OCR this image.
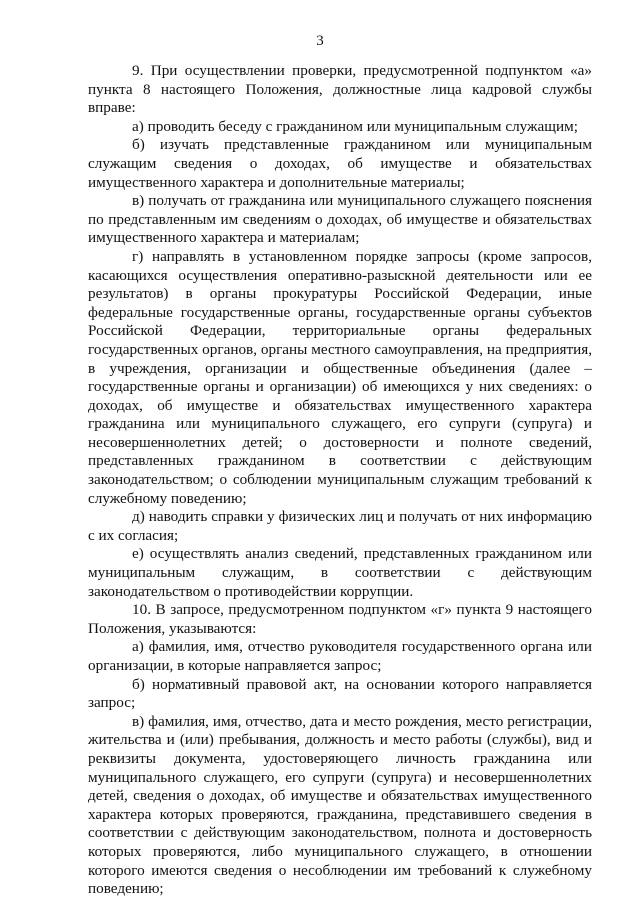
3

9. При осуществлении проверки, предусмотренной подпунктом «а» пункта 8 настоящего Положения, должностные лица кадровой службы вправе:

а) проводить беседу с гражданином или муниципальным служащим;

б) изучать представленные гражданином или муниципальным служащим сведения о доходах, об имуществе и обязательствах имущественного характера и дополнительные материалы;

в) получать от гражданина или муниципального служащего пояснения по представленным им сведениям о доходах, об имуществе и обязательствах имущественного характера и материалам;

г) направлять в установленном порядке запросы (кроме запросов, касающихся осуществления оперативно-разыскной деятельности или ее результатов) в органы прокуратуры Российской Федерации, иные федеральные государственные органы, государственные органы субъектов Российской Федерации, территориальные органы федеральных государственных органов, органы местного самоуправления, на предприятия, в учреждения, организации и общественные объединения (далее – государственные органы и организации) об имеющихся у них сведениях: о доходах, об имуществе и обязательствах имущественного характера гражданина или муниципального служащего, его супруги (супруга) и несовершеннолетних детей; о достоверности и полноте сведений, представленных гражданином в соответствии с действующим законодательством; о соблюдении муниципальным служащим требований к служебному поведению;

д) наводить справки у физических лиц и получать от них информацию с их согласия;

е) осуществлять анализ сведений, представленных гражданином или муниципальным служащим, в соответствии с действующим законодательством о противодействии коррупции.

10. В запросе, предусмотренном подпунктом «г» пункта 9 настоящего Положения, указываются:

а) фамилия, имя, отчество руководителя государственного органа или организации, в которые направляется запрос;

б) нормативный правовой акт, на основании которого направляется запрос;

в) фамилия, имя, отчество, дата и место рождения, место регистрации, жительства и (или) пребывания, должность и место работы (службы), вид и реквизиты документа, удостоверяющего личность гражданина или муниципального служащего, его супруги (супруга) и несовершеннолетних детей, сведения о доходах, об имуществе и обязательствах имущественного характера которых проверяются, гражданина, представившего сведения в соответствии с действующим законодательством, полнота и достоверность которых проверяются, либо муниципального служащего, в отношении которого имеются сведения о несоблюдении им требований к служебному поведению;
